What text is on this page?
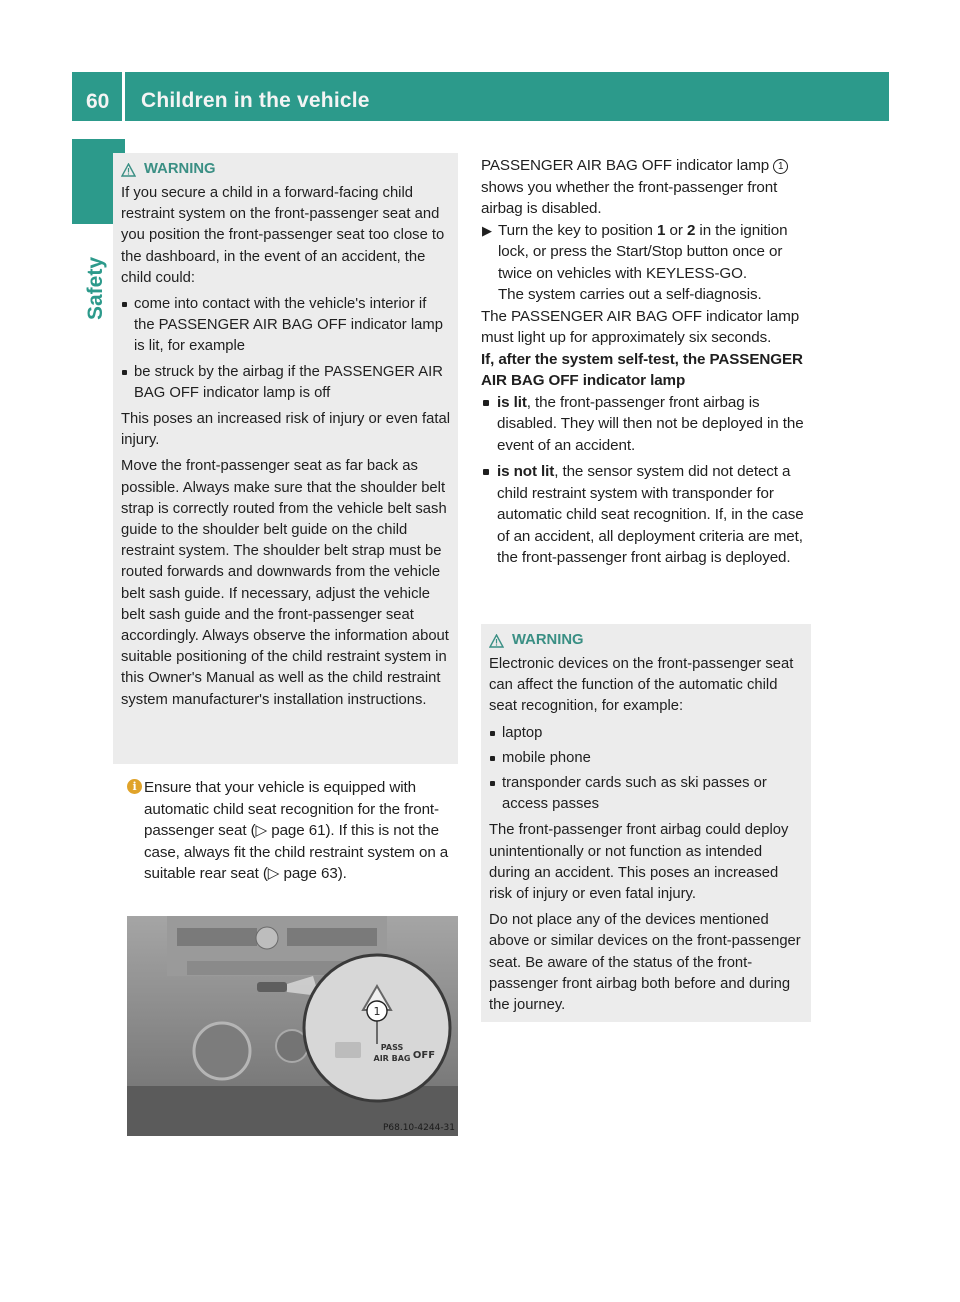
60 Children in the vehicle
Safety
WARNING

If you secure a child in a forward-facing child restraint system on the front-passenger seat and you position the front-passenger seat too close to the dashboard, in the event of an accident, the child could:

come into contact with the vehicle's interior if the PASSENGER AIR BAG OFF indicator lamp is lit, for example

be struck by the airbag if the PASSENGER AIR BAG OFF indicator lamp is off

This poses an increased risk of injury or even fatal injury.

Move the front-passenger seat as far back as possible. Always make sure that the shoulder belt strap is correctly routed from the vehicle belt sash guide to the shoulder belt guide on the child restraint system. The shoulder belt strap must be routed forwards and downwards from the vehicle belt sash guide. If necessary, adjust the vehicle belt sash guide and the front-passenger seat accordingly. Always observe the information about suitable positioning of the child restraint system in this Owner's Manual as well as the child restraint system manufacturer's installation instructions.

i Ensure that your vehicle is equipped with automatic child seat recognition for the front-passenger seat (▷ page 61). If this is not the case, always fit the child restraint system on a suitable rear seat (▷ page 63).
1
PASS
AIR BAG OFF
P68.10-4244-31

PASSENGER AIR BAG OFF indicator lamp 1 shows you whether the front-passenger front airbag is disabled.

▶ Turn the key to position 1 or 2 in the ignition lock, or press the Start/Stop button once or twice on vehicles with KEYLESS-GO.

The system carries out a self-diagnosis.

The PASSENGER AIR BAG OFF indicator lamp must light up for approximately six seconds.

If, after the system self-test, the PASSENGER AIR BAG OFF indicator lamp

is lit, the front-passenger front airbag is disabled. They will then not be deployed in the event of an accident.

is not lit, the sensor system did not detect a child restraint system with transponder for automatic child seat recognition. If, in the case of an accident, all deployment criteria are met, the front-passenger front airbag is deployed.

WARNING

Electronic devices on the front-passenger seat can affect the function of the automatic child seat recognition, for example:

laptop

mobile phone

transponder cards such as ski passes or access passes

The front-passenger front airbag could deploy unintentionally or not function as intended during an accident. This poses an increased risk of injury or even fatal injury.

Do not place any of the devices mentioned above or similar devices on the front-passenger seat. Be aware of the status of the front-passenger front airbag both before and during the journey.
